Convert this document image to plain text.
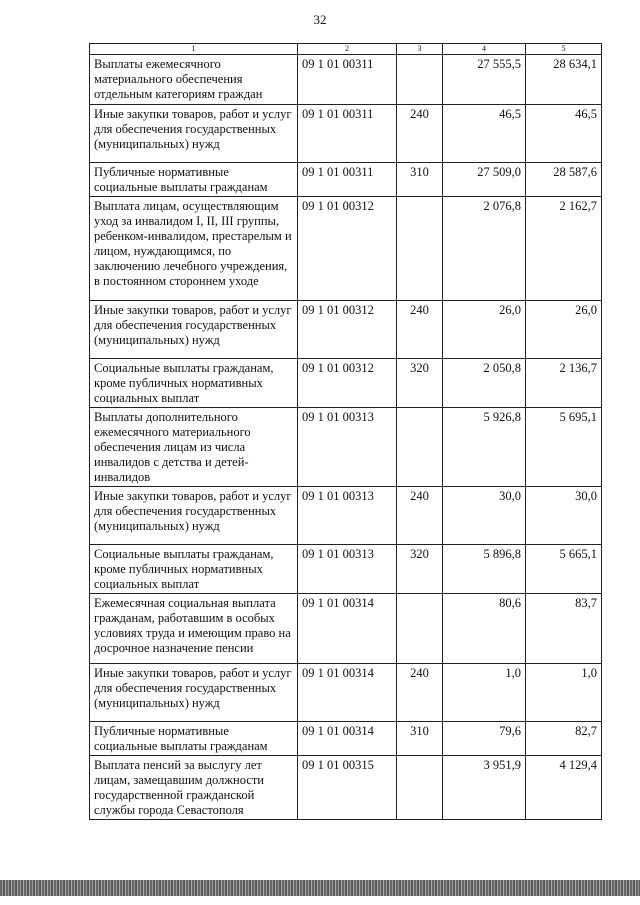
32
1	2	3	4	5
Выплаты ежемесячного материального обеспечения отдельным категориям граждан	09 1 01 00311		27 555,5	28 634,1
Иные закупки товаров, работ и услуг для обеспечения государственных (муниципальных) нужд	09 1 01 00311	240	46,5	46,5
Публичные нормативные социальные выплаты гражданам	09 1 01 00311	310	27 509,0	28 587,6
Выплата лицам, осуществляющим уход за инвалидом I, II, III группы, ребенком-инвалидом, престарелым и лицом, нуждающимся, по заключению лечебного учреждения, в постоянном стороннем уходе	09 1 01 00312		2 076,8	2 162,7
Иные закупки товаров, работ и услуг для обеспечения государственных (муниципальных) нужд	09 1 01 00312	240	26,0	26,0
Социальные выплаты гражданам, кроме публичных нормативных социальных выплат	09 1 01 00312	320	2 050,8	2 136,7
Выплаты дополнительного ежемесячного материального обеспечения лицам из числа инвалидов с детства и детей-инвалидов	09 1 01 00313		5 926,8	5 695,1
Иные закупки товаров, работ и услуг для обеспечения государственных (муниципальных) нужд	09 1 01 00313	240	30,0	30,0
Социальные выплаты гражданам, кроме публичных нормативных социальных выплат	09 1 01 00313	320	5 896,8	5 665,1
Ежемесячная социальная выплата гражданам, работавшим в особых условиях труда и имеющим право на досрочное назначение пенсии	09 1 01 00314		80,6	83,7
Иные закупки товаров, работ и услуг для обеспечения государственных (муниципальных) нужд	09 1 01 00314	240	1,0	1,0
Публичные нормативные социальные выплаты гражданам	09 1 01 00314	310	79,6	82,7
Выплата пенсий за выслугу лет лицам, замещавшим должности государственной гражданской службы города Севастополя	09 1 01 00315		3 951,9	4 129,4
